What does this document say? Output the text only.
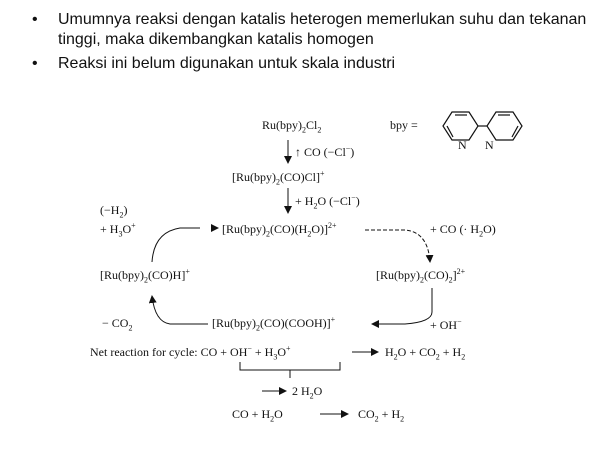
• Umumnya reaksi dengan katalis heterogen memerlukan suhu dan tekanan tinggi, maka dikembangkan katalis homogen
• Reaksi ini belum digunakan untuk skala industri
$Ru(bpy)_2Cl_2$	bpy =
N N
↑ CO (−Cl−)
$[Ru(bpy)_2(CO)Cl]^+$
+ $H_2O$ (−Cl−)
$(-H_2)$
+ $H_3O^+$	$[Ru(bpy)_2(CO)(H_2O)]^{2+}$	+ CO (· $H_2O$)
$[Ru(bpy)_2(CO)H]^+$	$[Ru(bpy)_2(CO)_2]^{2+}$
− $CO_2$	$[Ru(bpy)_2(CO)(COOH)]^+$	+ OH−
Net reaction for cycle: CO + $OH^- + H_3O^+$	$H_2O + CO_2 + H_2$
2 $H_2O$
CO + $H_2O$	$CO_2 + H_2$
